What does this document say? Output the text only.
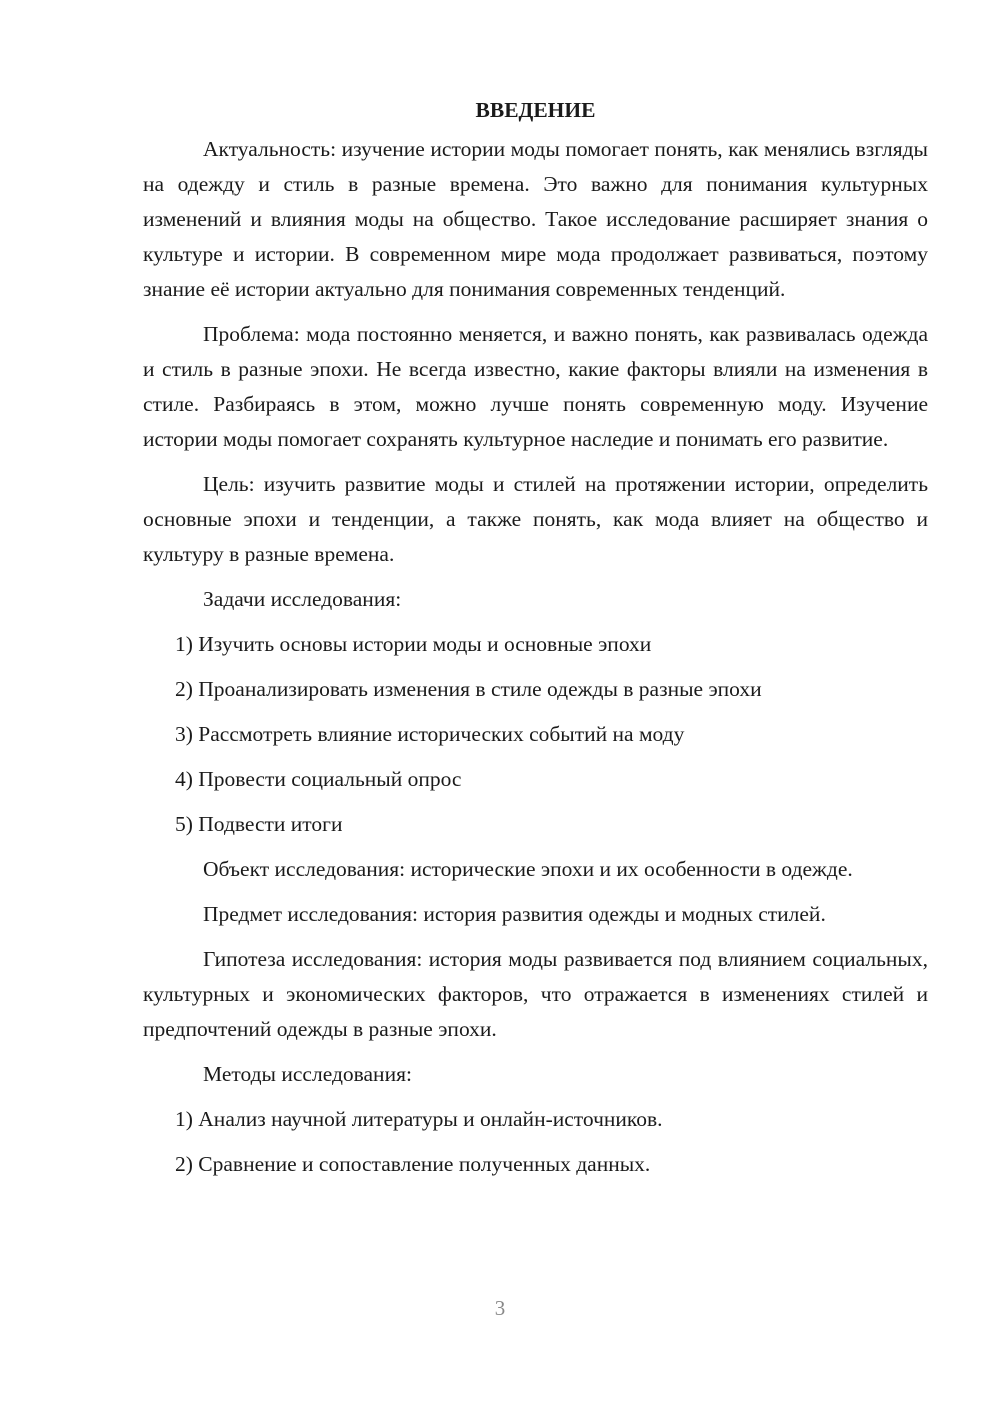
ВВЕДЕНИЕ

Актуальность: изучение истории моды помогает понять, как менялись взгляды на одежду и стиль в разные времена. Это важно для понимания культурных изменений и влияния моды на общество. Такое исследование расширяет знания о культуре и истории. В современном мире мода продолжает развиваться, поэтому знание её истории актуально для понимания современных тенденций.

Проблема: мода постоянно меняется, и важно понять, как развивалась одежда и стиль в разные эпохи. Не всегда известно, какие факторы влияли на изменения в стиле. Разбираясь в этом, можно лучше понять современную моду. Изучение истории моды помогает сохранять культурное наследие и понимать его развитие.

Цель: изучить развитие моды и стилей на протяжении истории, определить основные эпохи и тенденции, а также понять, как мода влияет на общество и культуру в разные времена.

Задачи исследования:

1) Изучить основы истории моды и основные эпохи

2) Проанализировать изменения в стиле одежды в разные эпохи

3) Рассмотреть влияние исторических событий на моду

4) Провести социальный опрос

5) Подвести итоги

Объект исследования: исторические эпохи и их особенности в одежде.

Предмет исследования: история развития одежды и модных стилей.

Гипотеза исследования: история моды развивается под влиянием социальных, культурных и экономических факторов, что отражается в изменениях стилей и предпочтений одежды в разные эпохи.

Методы исследования:

1) Анализ научной литературы и онлайн-источников.

2) Сравнение и сопоставление полученных данных.

3
